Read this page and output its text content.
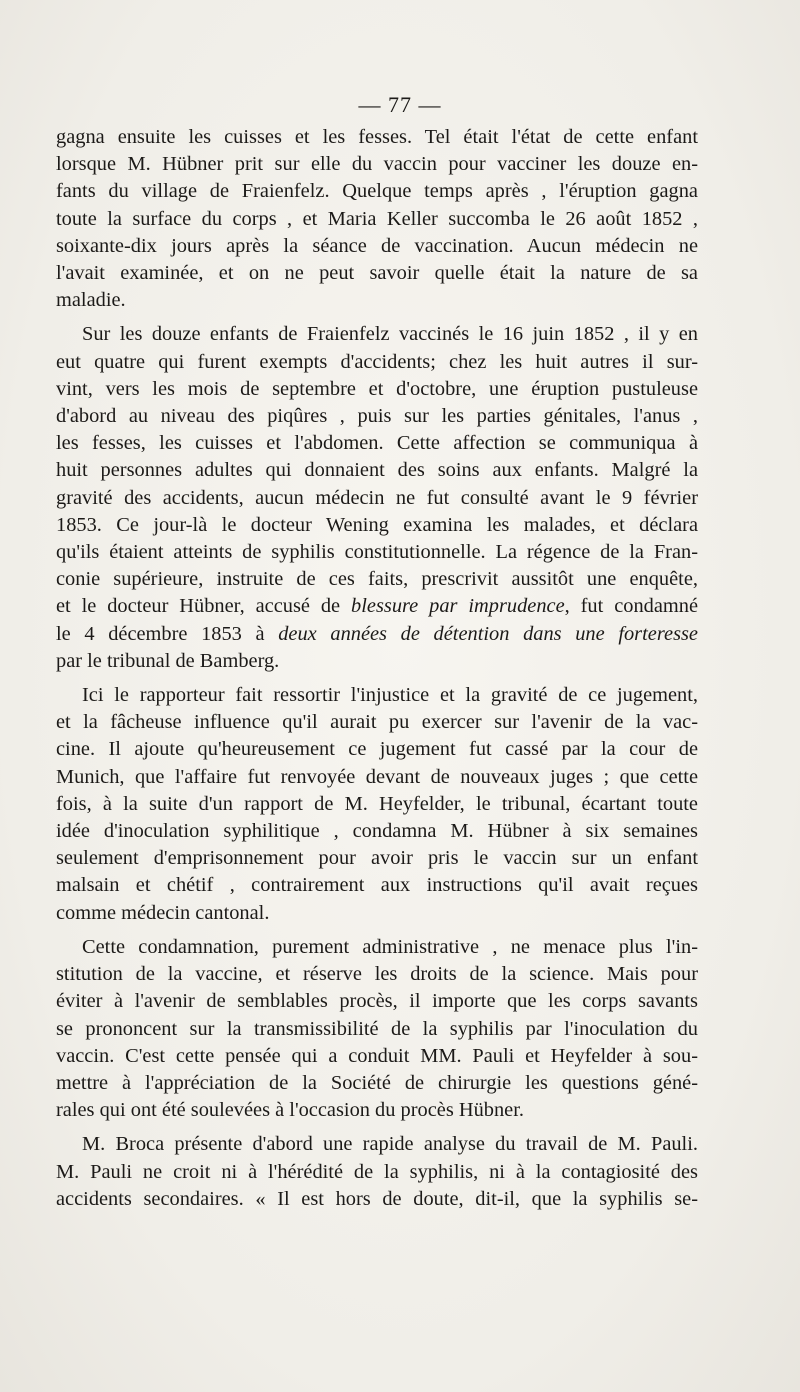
— 77 —

gagna ensuite les cuisses et les fesses. Tel était l'état de cette enfant
lorsque M. Hübner prit sur elle du vaccin pour vacciner les douze en-
fants du village de Fraienfelz. Quelque temps après , l'éruption gagna
toute la surface du corps , et Maria Keller succomba le 26 août 1852 ,
soixante-dix jours après la séance de vaccination. Aucun médecin ne
l'avait examinée, et on ne peut savoir quelle était la nature de sa
maladie.

Sur les douze enfants de Fraienfelz vaccinés le 16 juin 1852 , il y en
eut quatre qui furent exempts d'accidents; chez les huit autres il sur-
vint, vers les mois de septembre et d'octobre, une éruption pustuleuse
d'abord au niveau des piqûres , puis sur les parties génitales, l'anus ,
les fesses, les cuisses et l'abdomen. Cette affection se communiqua à
huit personnes adultes qui donnaient des soins aux enfants. Malgré la
gravité des accidents, aucun médecin ne fut consulté avant le 9 février
1853. Ce jour-là le docteur Wening examina les malades, et déclara
qu'ils étaient atteints de syphilis constitutionnelle. La régence de la Fran-
conie supérieure, instruite de ces faits, prescrivit aussitôt une enquête,
et le docteur Hübner, accusé de blessure par imprudence, fut condamné
le 4 décembre 1853 à deux années de détention dans une forteresse
par le tribunal de Bamberg.

Ici le rapporteur fait ressortir l'injustice et la gravité de ce jugement,
et la fâcheuse influence qu'il aurait pu exercer sur l'avenir de la vac-
cine. Il ajoute qu'heureusement ce jugement fut cassé par la cour de
Munich, que l'affaire fut renvoyée devant de nouveaux juges ; que cette
fois, à la suite d'un rapport de M. Heyfelder, le tribunal, écartant toute
idée d'inoculation syphilitique , condamna M. Hübner à six semaines
seulement d'emprisonnement pour avoir pris le vaccin sur un enfant
malsain et chétif , contrairement aux instructions qu'il avait reçues
comme médecin cantonal.

Cette condamnation, purement administrative , ne menace plus l'in-
stitution de la vaccine, et réserve les droits de la science. Mais pour
éviter à l'avenir de semblables procès, il importe que les corps savants
se prononcent sur la transmissibilité de la syphilis par l'inoculation du
vaccin. C'est cette pensée qui a conduit MM. Pauli et Heyfelder à sou-
mettre à l'appréciation de la Société de chirurgie les questions géné-
rales qui ont été soulevées à l'occasion du procès Hübner.

M. Broca présente d'abord une rapide analyse du travail de M. Pauli.
M. Pauli ne croit ni à l'hérédité de la syphilis, ni à la contagiosité des
accidents secondaires. « Il est hors de doute, dit-il, que la syphilis se-
